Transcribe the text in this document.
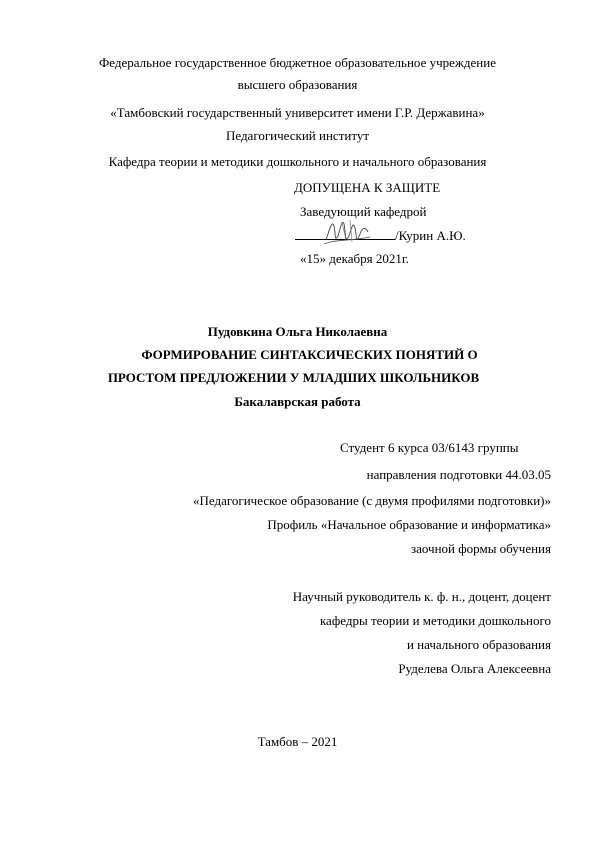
Федеральное государственное бюджетное образовательное учреждение
высшего образования
«Тамбовский государственный университет имени Г.Р. Державина»
Педагогический институт
Кафедра теории и методики дошкольного и начального образования
ДОПУЩЕНА К ЗАЩИТЕ
Заведующий кафедрой
/Курин А.Ю.
«15» декабря 2021г.
Пудовкина Ольга Николаевна
ФОРМИРОВАНИЕ СИНТАКСИЧЕСКИХ ПОНЯТИЙ О
ПРОСТОМ ПРЕДЛОЖЕНИИ У МЛАДШИХ ШКОЛЬНИКОВ
Бакалаврская работа
Студент 6 курса 03/6143 группы
направления подготовки 44.03.05
«Педагогическое образование (с двумя профилями подготовки)»
Профиль «Начальное образование и информатика»
заочной формы обучения
Научный руководитель к. ф. н., доцент, доцент
кафедры теории и методики дошкольного
и начального образования
Руделева Ольга Алексеевна
Тамбов – 2021
